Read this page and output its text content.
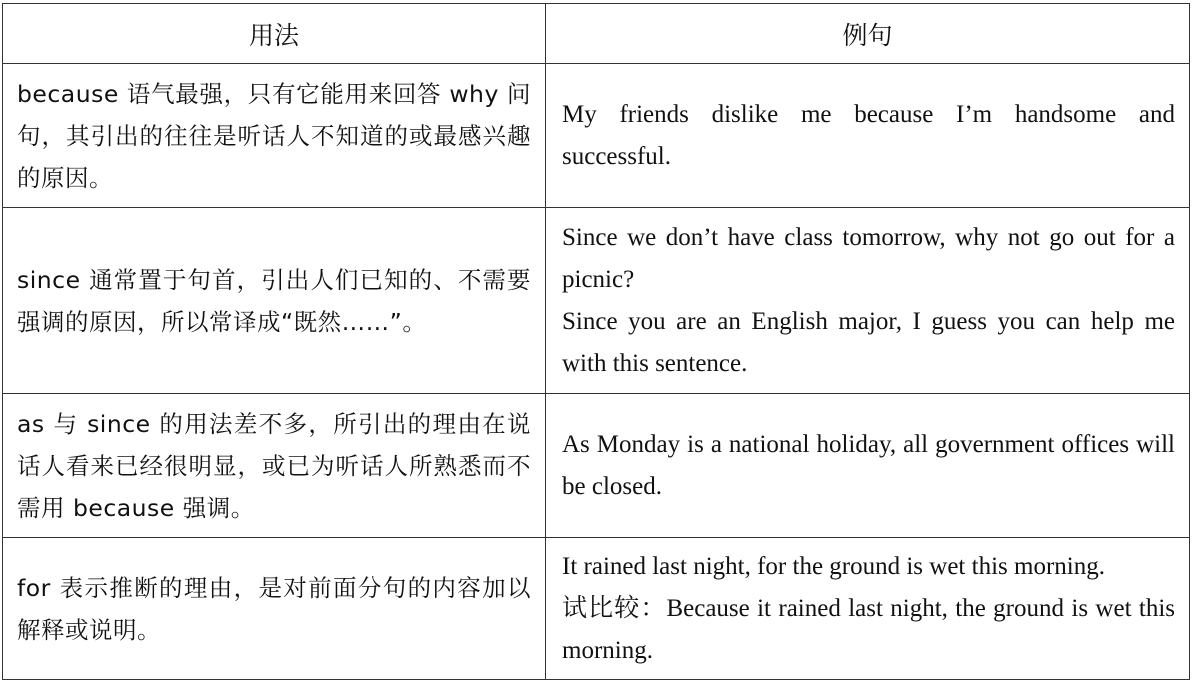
用法	例句
because 语气最强，只有它能用来回答 why 问句，其引出的往往是听话人不知道的或最感兴趣的原因。	My friends dislike me because I’m handsome and successful.

since 通常置于句首，引出人们已知的、不需要强调的原因，所以常译成“既然……”。	Since we don’t have class tomorrow, why not go out for a picnic?
Since you are an English major, I guess you can help me with this sentence.

as 与 since 的用法差不多，所引出的理由在说话人看来已经很明显，或已为听话人所熟悉而不需用 because 强调。	As Monday is a national holiday, all government offices will be closed.

for 表示推断的理由，是对前面分句的内容加以解释或说明。	It rained last night, for the ground is wet this morning.
试比较：Because it rained last night, the ground is wet this morning.
